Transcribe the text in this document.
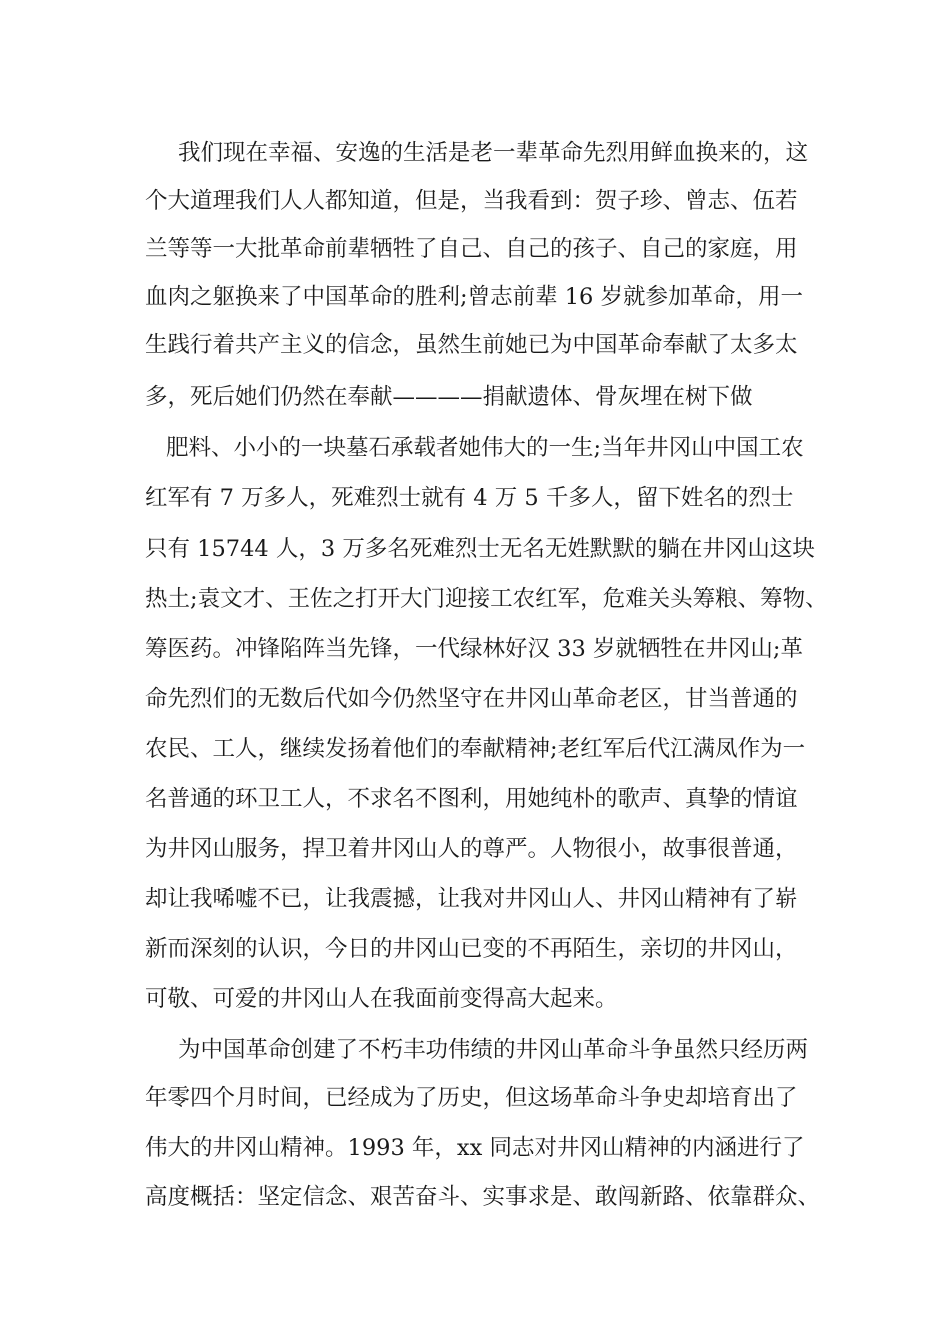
我们现在幸福、安逸的生活是老一辈革命先烈用鲜血换来的，这
个大道理我们人人都知道，但是，当我看到：贺子珍、曾志、伍若
兰等等一大批革命前辈牺牲了自己、自己的孩子、自己的家庭，用
血肉之躯换来了中国革命的胜利;曾志前辈 16 岁就参加革命，用一
生践行着共产主义的信念，虽然生前她已为中国革命奉献了太多太
多，死后她们仍然在奉献————捐献遗体、骨灰埋在树下做
肥料、小小的一块墓石承载者她伟大的一生;当年井冈山中国工农
红军有 7 万多人，死难烈士就有 4 万 5 千多人，留下姓名的烈士
只有 15744 人，3 万多名死难烈士无名无姓默默的躺在井冈山这块
热土;袁文才、王佐之打开大门迎接工农红军，危难关头筹粮、筹物、
筹医药。冲锋陷阵当先锋，一代绿林好汉 33 岁就牺牲在井冈山;革
命先烈们的无数后代如今仍然坚守在井冈山革命老区，甘当普通的
农民、工人，继续发扬着他们的奉献精神;老红军后代江满凤作为一
名普通的环卫工人，不求名不图利，用她纯朴的歌声、真挚的情谊
为井冈山服务，捍卫着井冈山人的尊严。人物很小，故事很普通，
却让我唏嘘不已，让我震撼，让我对井冈山人、井冈山精神有了崭
新而深刻的认识，今日的井冈山已变的不再陌生，亲切的井冈山，
可敬、可爱的井冈山人在我面前变得高大起来。
为中国革命创建了不朽丰功伟绩的井冈山革命斗争虽然只经历两
年零四个月时间，已经成为了历史，但这场革命斗争史却培育出了
伟大的井冈山精神。1993 年，xx 同志对井冈山精神的内涵进行了
高度概括：坚定信念、艰苦奋斗、实事求是、敢闯新路、依靠群众、
